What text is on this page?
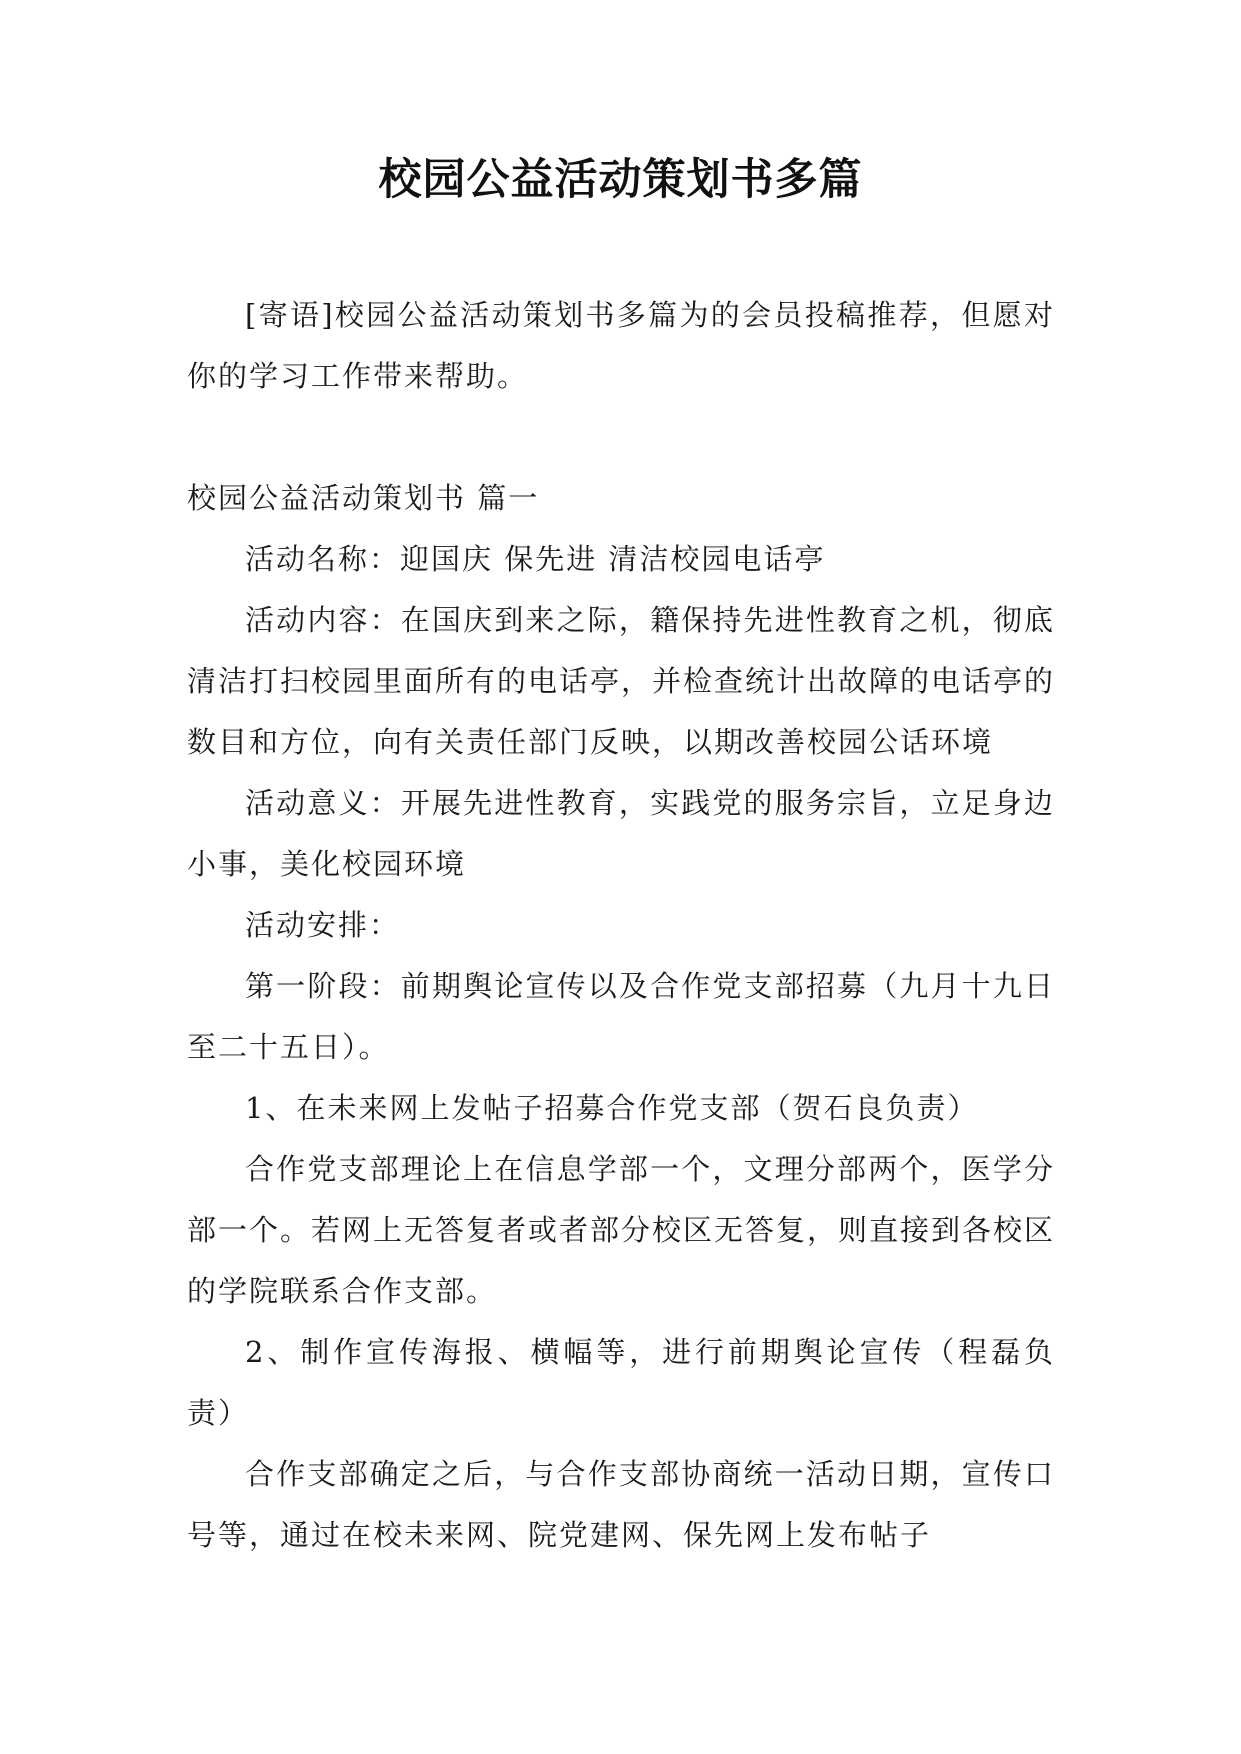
校园公益活动策划书多篇

[寄语]校园公益活动策划书多篇为的会员投稿推荐，但愿对你的学习工作带来帮助。

校园公益活动策划书 篇一

活动名称：迎国庆 保先进 清洁校园电话亭

活动内容：在国庆到来之际，籍保持先进性教育之机，彻底清洁打扫校园里面所有的电话亭，并检查统计出故障的电话亭的数目和方位，向有关责任部门反映，以期改善校园公话环境

活动意义：开展先进性教育，实践党的服务宗旨，立足身边小事，美化校园环境

活动安排：

第一阶段：前期舆论宣传以及合作党支部招募（九月十九日至二十五日）。

1、在未来网上发帖子招募合作党支部（贺石良负责）

合作党支部理论上在信息学部一个，文理分部两个，医学分部一个。若网上无答复者或者部分校区无答复，则直接到各校区的学院联系合作支部。

2、制作宣传海报、横幅等，进行前期舆论宣传（程磊负责）

合作支部确定之后，与合作支部协商统一活动日期，宣传口号等，通过在校未来网、院党建网、保先网上发布帖子
